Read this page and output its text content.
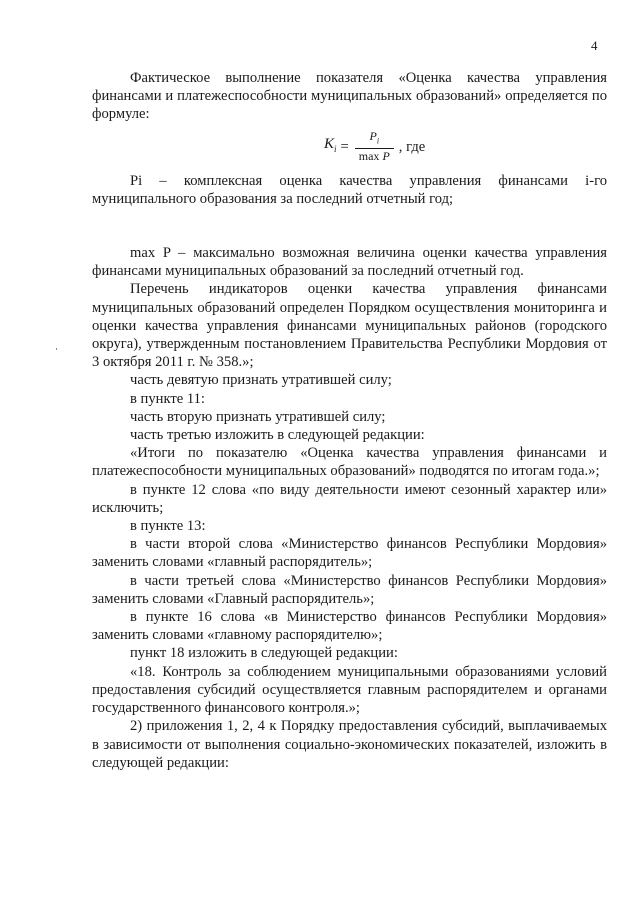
4

Фактическое выполнение показателя «Оценка качества управления финансами и платежеспособности муниципальных образований» определяется по формуле:

$K_i = \frac{P_i}{\text{max P}}$ , где

Pi – комплексная оценка качества управления финансами i-го муниципального образования за последний отчетный год;

max P – максимально возможная величина оценки качества управления финансами муниципальных образований за последний отчетный год.

Перечень индикаторов оценки качества управления финансами муниципальных образований определен Порядком осуществления мониторинга и оценки качества управления финансами муниципальных районов (городского округа), утвержденным постановлением Правительства Республики Мордовия от 3 октября 2011 г. № 358.»;

часть девятую признать утратившей силу;

в пункте 11:

часть вторую признать утратившей силу;

часть третью изложить в следующей редакции:

«Итоги по показателю «Оценка качества управления финансами и платежеспособности муниципальных образований» подводятся по итогам года.»;

в пункте 12 слова «по виду деятельности имеют сезонный характер или» исключить;

в пункте 13:

в части второй слова «Министерство финансов Республики Мордовия» заменить словами «главный распорядитель»;

в части третьей слова «Министерство финансов Республики Мордовия» заменить словами «Главный распорядитель»;

в пункте 16 слова «в Министерство финансов Республики Мордовия» заменить словами «главному распорядителю»;

пункт 18 изложить в следующей редакции:

«18. Контроль за соблюдением муниципальными образованиями условий предоставления субсидий осуществляется главным распорядителем и органами государственного финансового контроля.»;

2) приложения 1, 2, 4 к Порядку предоставления субсидий, выплачиваемых в зависимости от выполнения социально-экономических показателей, изложить в следующей редакции:
